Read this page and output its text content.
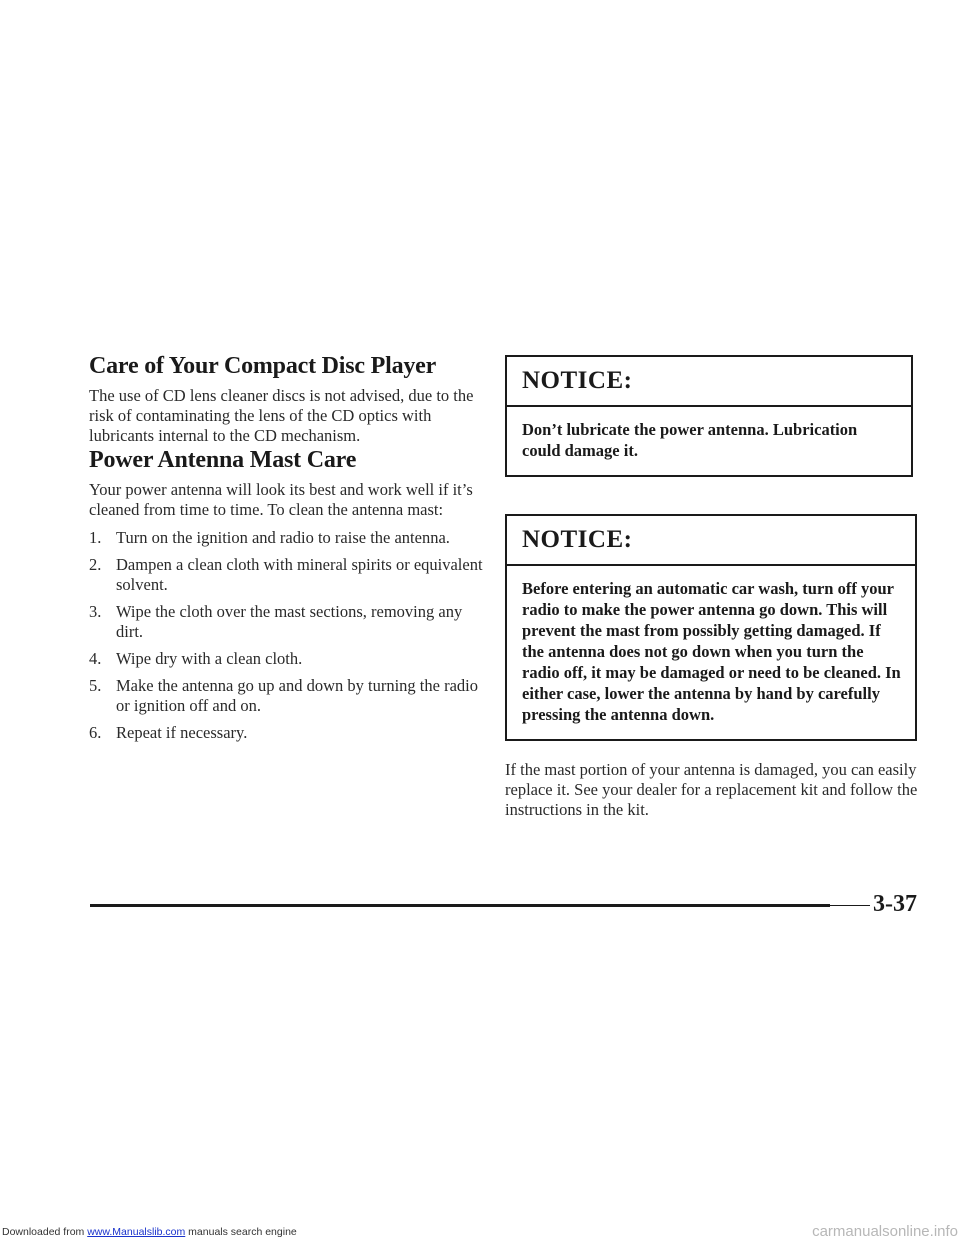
Care of Your Compact Disc Player

The use of CD lens cleaner discs is not advised, due to the risk of contaminating the lens of the CD optics with lubricants internal to the CD mechanism.

Power Antenna Mast Care

Your power antenna will look its best and work well if it’s cleaned from time to time. To clean the antenna mast:

1. Turn on the ignition and radio to raise the antenna.
2. Dampen a clean cloth with mineral spirits or equivalent solvent.
3. Wipe the cloth over the mast sections, removing any dirt.
4. Wipe dry with a clean cloth.
5. Make the antenna go up and down by turning the radio or ignition off and on.
6. Repeat if necessary.
NOTICE:
Don’t lubricate the power antenna. Lubrication could damage it.
NOTICE:
Before entering an automatic car wash, turn off your radio to make the power antenna go down. This will prevent the mast from possibly getting damaged. If the antenna does not go down when you turn the radio off, it may be damaged or need to be cleaned. In either case, lower the antenna by hand by carefully pressing the antenna down.

If the mast portion of your antenna is damaged, you can easily replace it. See your dealer for a replacement kit and follow the instructions in the kit.

3-37
Downloaded from www.Manualslib.com manuals search engine	carmanualsonline.info
